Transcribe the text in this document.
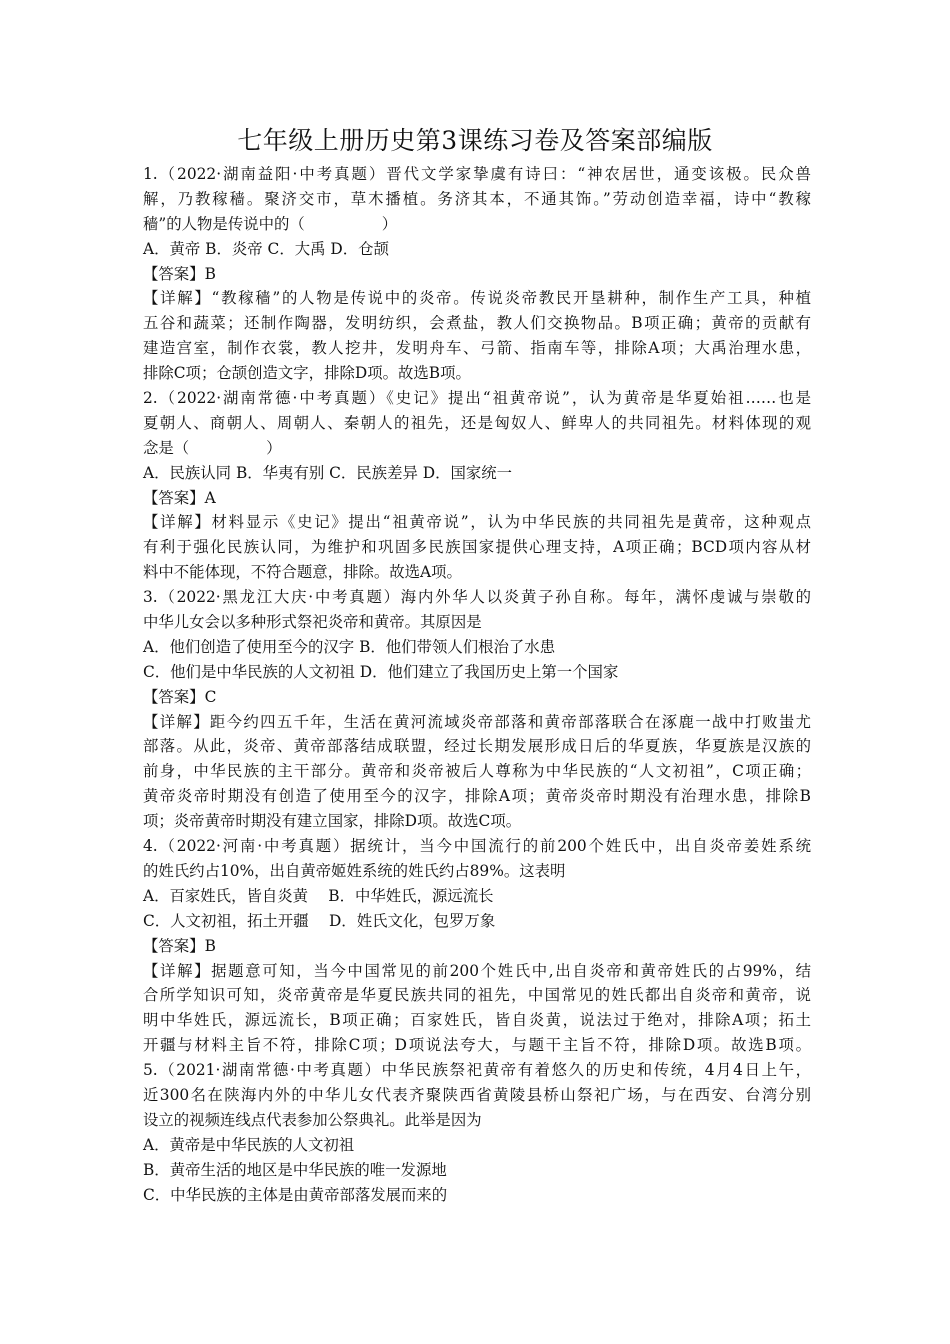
七年级上册历史第3课练习卷及答案部编版
1.（2022·湖南益阳·中考真题）晋代文学家挚虞有诗曰：“神农居世，通变该极。民众兽
解，乃教稼穑。聚济交市，草木播植。务济其本，不通其饰。”劳动创造幸福，诗中“教稼
穑”的人物是传说中的（　　　　　）
A．黄帝 B．炎帝 C．大禹 D．仓颉
【答案】B
【详解】“教稼穑”的人物是传说中的炎帝。传说炎帝教民开垦耕种，制作生产工具，种植
五谷和蔬菜；还制作陶器，发明纺织，会煮盐，教人们交换物品。B项正确；黄帝的贡献有
建造宫室，制作衣裳，教人挖井，发明舟车、弓箭、指南车等，排除A项；大禹治理水患，
排除C项；仓颉创造文字，排除D项。故选B项。
2.（2022·湖南常德·中考真题）《史记》提出“祖黄帝说”，认为黄帝是华夏始祖……也是
夏朝人、商朝人、周朝人、秦朝人的祖先，还是匈奴人、鲜卑人的共同祖先。材料体现的观
念是（　　　　　）
A．民族认同 B．华夷有别 C．民族差异 D．国家统一
【答案】A
【详解】材料显示《史记》提出“祖黄帝说”，认为中华民族的共同祖先是黄帝，这种观点
有利于强化民族认同，为维护和巩固多民族国家提供心理支持，A项正确；BCD项内容从材
料中不能体现，不符合题意，排除。故选A项。
3.（2022·黑龙江大庆·中考真题）海内外华人以炎黄子孙自称。每年，满怀虔诚与崇敬的
中华儿女会以多种形式祭祀炎帝和黄帝。其原因是
A．他们创造了使用至今的汉字 B．他们带领人们根治了水患
C．他们是中华民族的人文初祖 D．他们建立了我国历史上第一个国家
【答案】C
【详解】距今约四五千年，生活在黄河流域炎帝部落和黄帝部落联合在涿鹿一战中打败蚩尤
部落。从此，炎帝、黄帝部落结成联盟，经过长期发展形成日后的华夏族，华夏族是汉族的
前身，中华民族的主干部分。黄帝和炎帝被后人尊称为中华民族的“人文初祖”，C项正确；
黄帝炎帝时期没有创造了使用至今的汉字，排除A项；黄帝炎帝时期没有治理水患，排除B
项；炎帝黄帝时期没有建立国家，排除D项。故选C项。
4.（2022·河南·中考真题）据统计，当今中国流行的前200个姓氏中，出自炎帝姜姓系统
的姓氏约占10%，出自黄帝姬姓系统的姓氏约占89%。这表明
A．百家姓氏，皆自炎黄　 B．中华姓氏，源远流长
C．人文初祖，拓土开疆　 D．姓氏文化，包罗万象
【答案】B
【详解】据题意可知，当今中国常见的前200个姓氏中,出自炎帝和黄帝姓氏的占99%，结
合所学知识可知，炎帝黄帝是华夏民族共同的祖先，中国常见的姓氏都出自炎帝和黄帝，说
明中华姓氏，源远流长，B项正确；百家姓氏，皆自炎黄，说法过于绝对，排除A项；拓土
开疆与材料主旨不符，排除C项；D项说法夸大，与题干主旨不符，排除D项。故选B项。
5.（2021·湖南常德·中考真题）中华民族祭祀黄帝有着悠久的历史和传统，4月4日上午，
近300名在陕海内外的中华儿女代表齐聚陕西省黄陵县桥山祭祀广场，与在西安、台湾分别
设立的视频连线点代表参加公祭典礼。此举是因为
A．黄帝是中华民族的人文初祖
B．黄帝生活的地区是中华民族的唯一发源地
C．中华民族的主体是由黄帝部落发展而来的
